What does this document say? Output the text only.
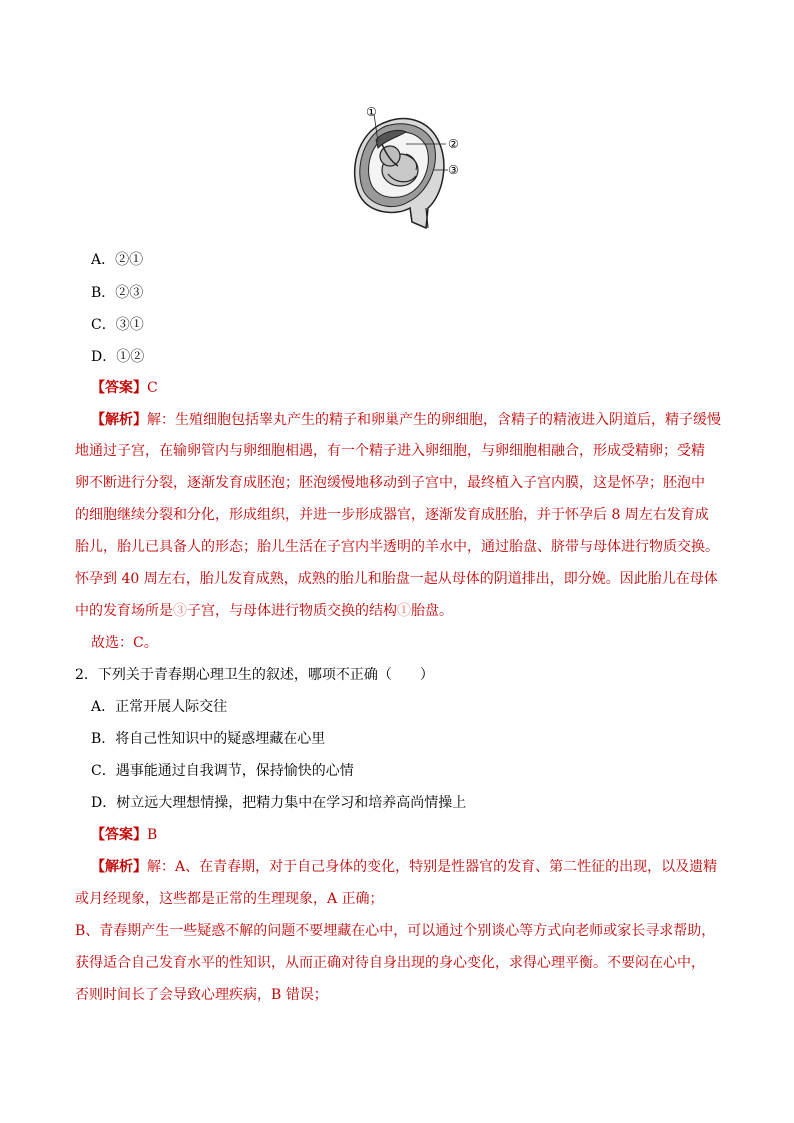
①
②
③
A．②①
B．②③
C．③①
D．①②
【答案】C
【解析】解：生殖细胞包括睾丸产生的精子和卵巢产生的卵细胞，含精子的精液进入阴道后，精子缓慢
地通过子宫，在输卵管内与卵细胞相遇，有一个精子进入卵细胞，与卵细胞相融合，形成受精卵；受精
卵不断进行分裂，逐渐发育成胚泡；胚泡缓慢地移动到子宫中，最终植入子宫内膜，这是怀孕；胚泡中
的细胞继续分裂和分化，形成组织，并进一步形成器官，逐渐发育成胚胎，并于怀孕后 8 周左右发育成
胎儿，胎儿已具备人的形态；胎儿生活在子宫内半透明的羊水中，通过胎盘、脐带与母体进行物质交换。
怀孕到 40 周左右，胎儿发育成熟，成熟的胎儿和胎盘一起从母体的阴道排出，即分娩。因此胎儿在母体
中的发育场所是③子宫，与母体进行物质交换的结构①胎盘。
故选：C。
2．下列关于青春期心理卫生的叙述，哪项不正确（　　）
A．正常开展人际交往
B．将自己性知识中的疑惑埋藏在心里
C．遇事能通过自我调节，保持愉快的心情
D．树立远大理想情操，把精力集中在学习和培养高尚情操上
【答案】B
【解析】解：A、在青春期，对于自己身体的变化，特别是性器官的发育、第二性征的出现，以及遗精
或月经现象，这些都是正常的生理现象，A 正确；
B、青春期产生一些疑惑不解的问题不要埋藏在心中，可以通过个别谈心等方式向老师或家长寻求帮助，
获得适合自己发育水平的性知识，从而正确对待自身出现的身心变化，求得心理平衡。不要闷在心中，
否则时间长了会导致心理疾病，B 错误；
